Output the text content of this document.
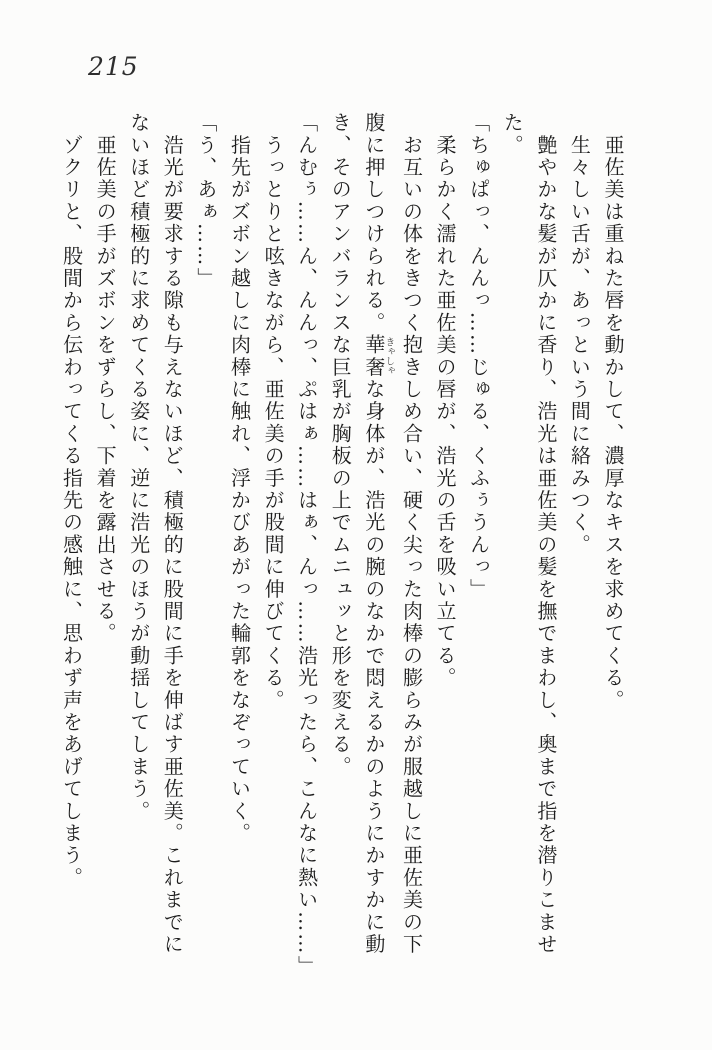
215

　亜佐美は重ねた唇を動かして、濃厚なキスを求めてくる。

　生々しい舌が、あっという間に絡みつく。

　艶やかな髪が仄かに香り、浩光は亜佐美の髪を撫でまわし、奥まで指を潜りこませ

た。

「ちゅぱっ、んんっ……じゅる、くふぅうんっ」

　柔らかく濡れた亜佐美の唇が、浩光の舌を吸い立てる。

　お互いの体をきつく抱きしめ合い、硬く尖った肉棒の膨らみが服越しに亜佐美の下

腹に押しつけられる。華奢きゃしゃな身体が、浩光の腕のなかで悶えるかのようにかすかに動

き、そのアンバランスな巨乳が胸板の上でムニュッと形を変える。

「んむぅ……ん、んんっ、ぷはぁ……はぁ、んっ……浩光ったら、こんなに熱い……」

　うっとりと呟きながら、亜佐美の手が股間に伸びてくる。

　指先がズボン越しに肉棒に触れ、浮かびあがった輪郭をなぞっていく。

「う、あぁ……」

　浩光が要求する隙も与えないほど、積極的に股間に手を伸ばす亜佐美。これまでに

ないほど積極的に求めてくる姿に、逆に浩光のほうが動揺してしまう。

　亜佐美の手がズボンをずらし、下着を露出させる。

　ゾクリと、股間から伝わってくる指先の感触に、思わず声をあげてしまう。
